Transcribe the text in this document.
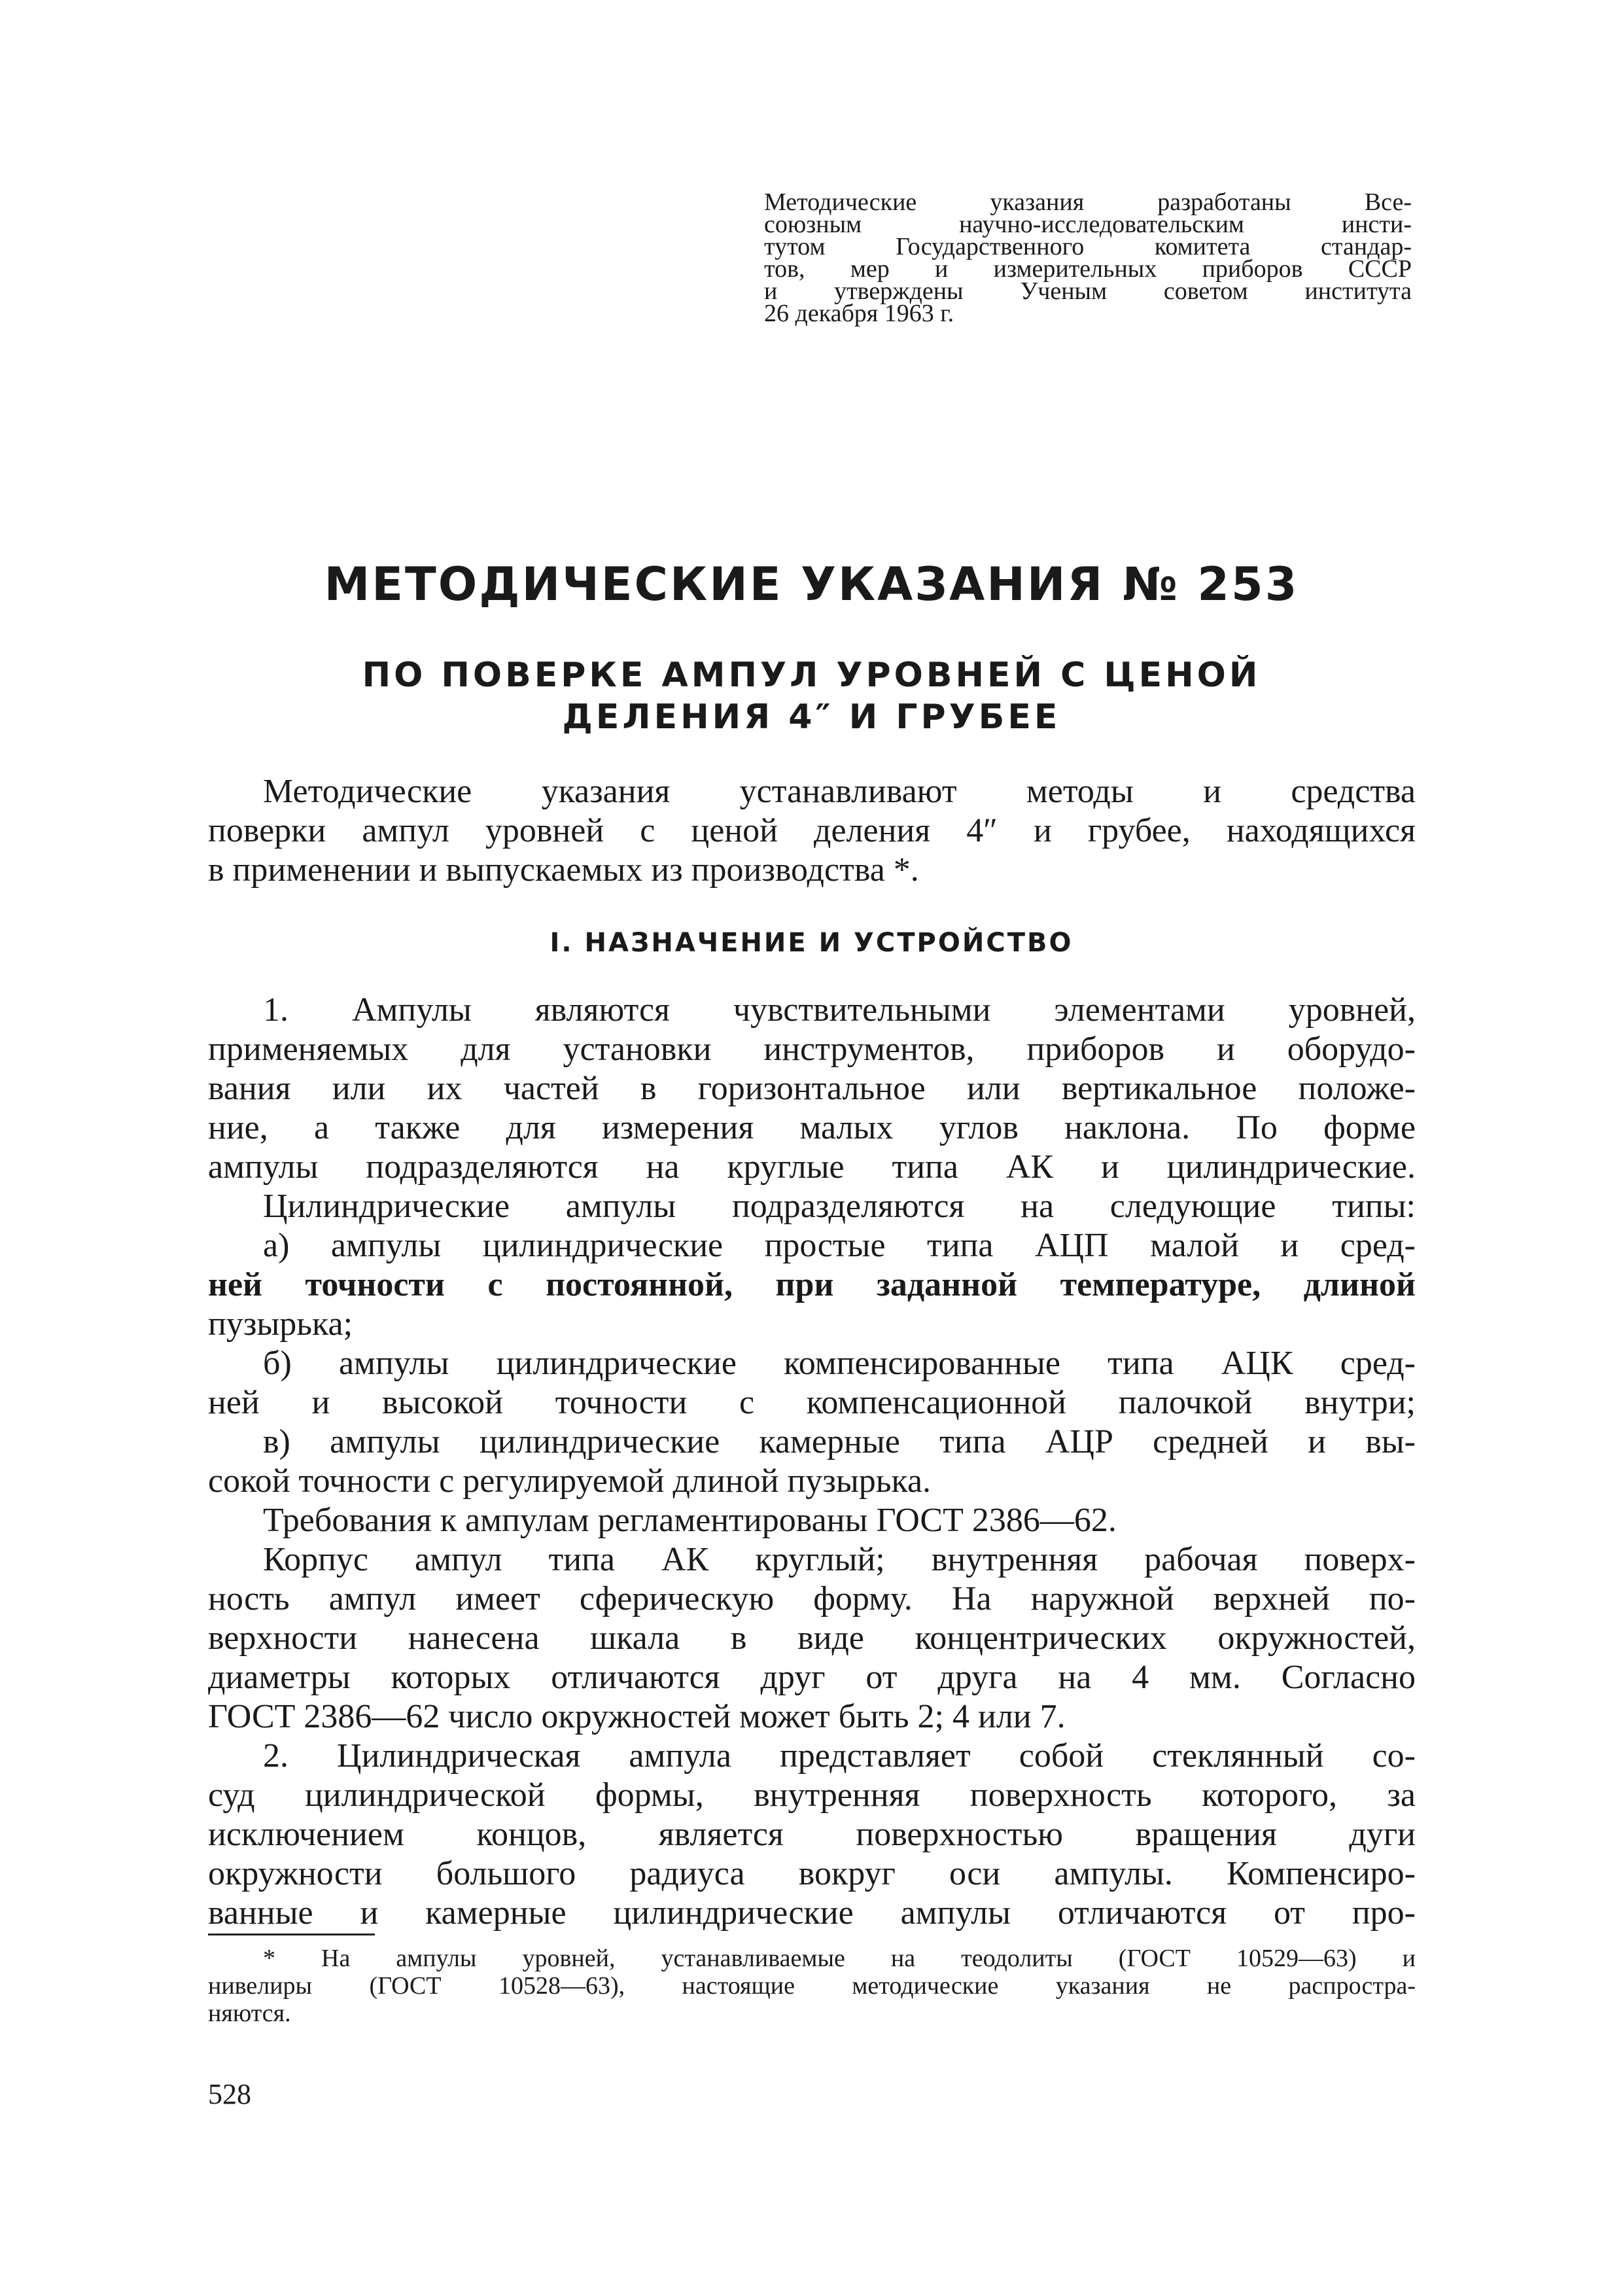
Методические указания разработаны Все-
союзным научно-исследовательским инсти-
тутом Государственного комитета стандар-
тов, мер и измерительных приборов СССР
и утверждены Ученым советом института
26 декабря 1963 г.
МЕТОДИЧЕСКИЕ УКАЗАНИЯ № 253
ПО ПОВЕРКЕ АМПУЛ УРОВНЕЙ С ЦЕНОЙ
ДЕЛЕНИЯ 4″ И ГРУБЕЕ
Методические указания устанавливают методы и средства
поверки ампул уровней с ценой деления 4″ и грубее, находящихся
в применении и выпускаемых из производства *.
I. НАЗНАЧЕНИЕ И УСТРОЙСТВО
1. Ампулы являются чувствительными элементами уровней,
применяемых для установки инструментов, приборов и оборудо-
вания или их частей в горизонтальное или вертикальное положе-
ние, а также для измерения малых углов наклона. По форме
ампулы подразделяются на круглые типа АК и цилиндрические.
Цилиндрические ампулы подразделяются на следующие типы:
а) ампулы цилиндрические простые типа АЦП малой и сред-
ней точности с постоянной, при заданной температуре, длиной
пузырька;
б) ампулы цилиндрические компенсированные типа АЦК сред-
ней и высокой точности с компенсационной палочкой внутри;
в) ампулы цилиндрические камерные типа АЦР средней и вы-
сокой точности с регулируемой длиной пузырька.
Требования к ампулам регламентированы ГОСТ 2386—62.
Корпус ампул типа АК круглый; внутренняя рабочая поверх-
ность ампул имеет сферическую форму. На наружной верхней по-
верхности нанесена шкала в виде концентрических окружностей,
диаметры которых отличаются друг от друга на 4 мм. Согласно
ГОСТ 2386—62 число окружностей может быть 2; 4 или 7.
2. Цилиндрическая ампула представляет собой стеклянный со-
суд цилиндрической формы, внутренняя поверхность которого, за
исключением концов, является поверхностью вращения дуги
окружности большого радиуса вокруг оси ампулы. Компенсиро-
ванные и камерные цилиндрические ампулы отличаются от про-
* На ампулы уровней, устанавливаемые на теодолиты (ГОСТ 10529—63) и
нивелиры (ГОСТ 10528—63), настоящие методические указания не распростра-
няются.
528
